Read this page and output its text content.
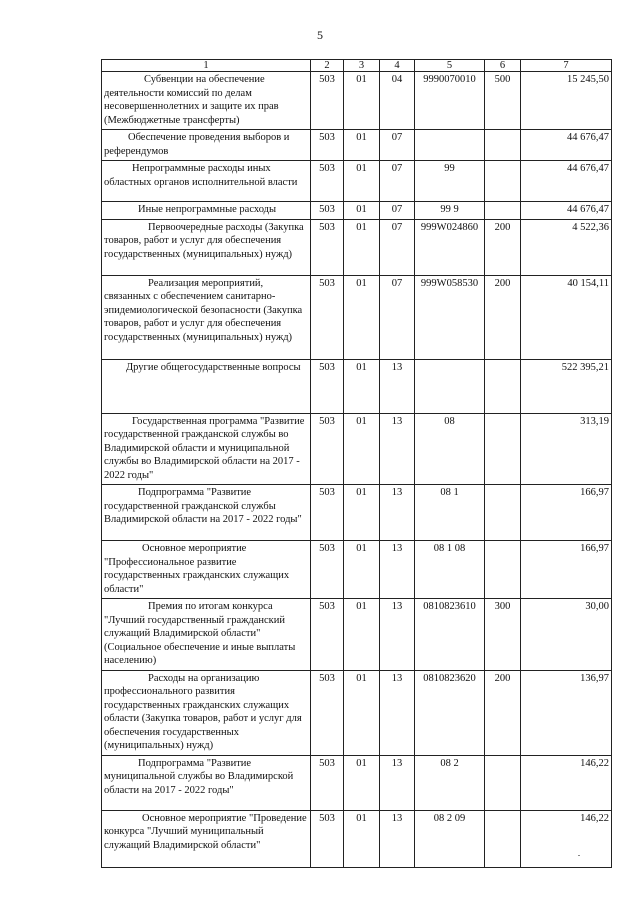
5
1	2	3	4	5	6	7
Субвенции на обеспечение деятельности комиссий по делам несовершеннолетних и защите их прав (Межбюджетные трансферты)	503	01	04	9990070010	500	15 245,50
Обеспечение проведения выборов и референдумов	503	01	07			44 676,47
Непрограммные расходы иных областных органов исполнительной власти	503	01	07	99		44 676,47
Иные непрограммные расходы	503	01	07	99 9		44 676,47
Первоочередные расходы (Закупка товаров, работ и услуг для обеспечения государственных (муниципальных) нужд)	503	01	07	999W024860	200	4 522,36
Реализация мероприятий, связанных с обеспечением санитарно-эпидемиологической безопасности (Закупка товаров, работ и услуг для обеспечения государственных (муниципальных) нужд)	503	01	07	999W058530	200	40 154,11
Другие общегосударственные вопросы	503	01	13			522 395,21
Государственная программа "Развитие государственной гражданской службы во Владимирской области и муниципальной службы во Владимирской области на 2017 - 2022 годы"	503	01	13	08		313,19
Подпрограмма "Развитие государственной гражданской службы Владимирской области на 2017 - 2022 годы"	503	01	13	08 1		166,97
Основное мероприятие "Профессиональное развитие государственных гражданских служащих области"	503	01	13	08 1 08		166,97
Премия по итогам конкурса "Лучший государственный гражданский служащий Владимирской области" (Социальное обеспечение и иные выплаты населению)	503	01	13	0810823610	300	30,00
Расходы на организацию профессионального развития государственных гражданских служащих области (Закупка товаров, работ и услуг для обеспечения государственных (муниципальных) нужд)	503	01	13	0810823620	200	136,97
Подпрограмма "Развитие муниципальной службы во Владимирской области на 2017 - 2022 годы"	503	01	13	08 2		146,22
Основное мероприятие "Проведение конкурса "Лучший муниципальный служащий Владимирской области"	503	01	13	08 2 09		146,22
